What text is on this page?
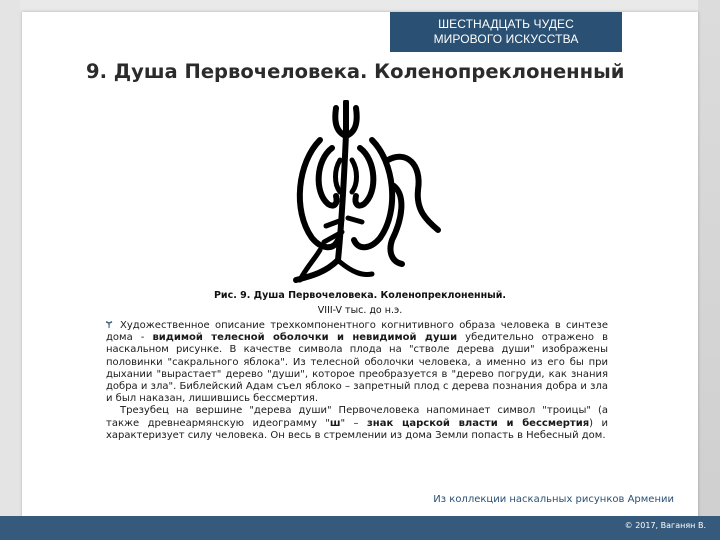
ШЕСТНАДЦАТЬ ЧУДЕС
МИРОВОГО ИСКУССТВА
9. Душа Первочеловека. Коленопреклоненный
Рис. 9. Душа Первочеловека. Коленопреклоненный.
VIII-V тыс. до н.э.

Ɏ Художественное описание трехкомпонентного когнитивного образа человека в синтезе дома - видимой телесной оболочки и невидимой души убедительно отражено в наскальном рисунке. В качестве символа плода на "стволе дерева души" изображены половинки "сакрального яблока". Из телесной оболочки человека, а именно из его бы при дыхании "вырастает" дерево "души", которое преобразуется в "дерево погруди, как знания добра и зла". Библейский Адам съел яблоко – запретный плод с дерева познания добра и зла и был наказан, лишившись бессмертия.

Трезубец на вершине "дерева души" Первочеловека напоминает символ "троицы" (а также древнеармянскую идеограмму "ш" – знак царской власти и бессмертия) и характеризует силу человека. Он весь в стремлении из дома Земли попасть в Небесный дом.

Из коллекции наскальных рисунков Армении
© 2017, Ваганян В.
